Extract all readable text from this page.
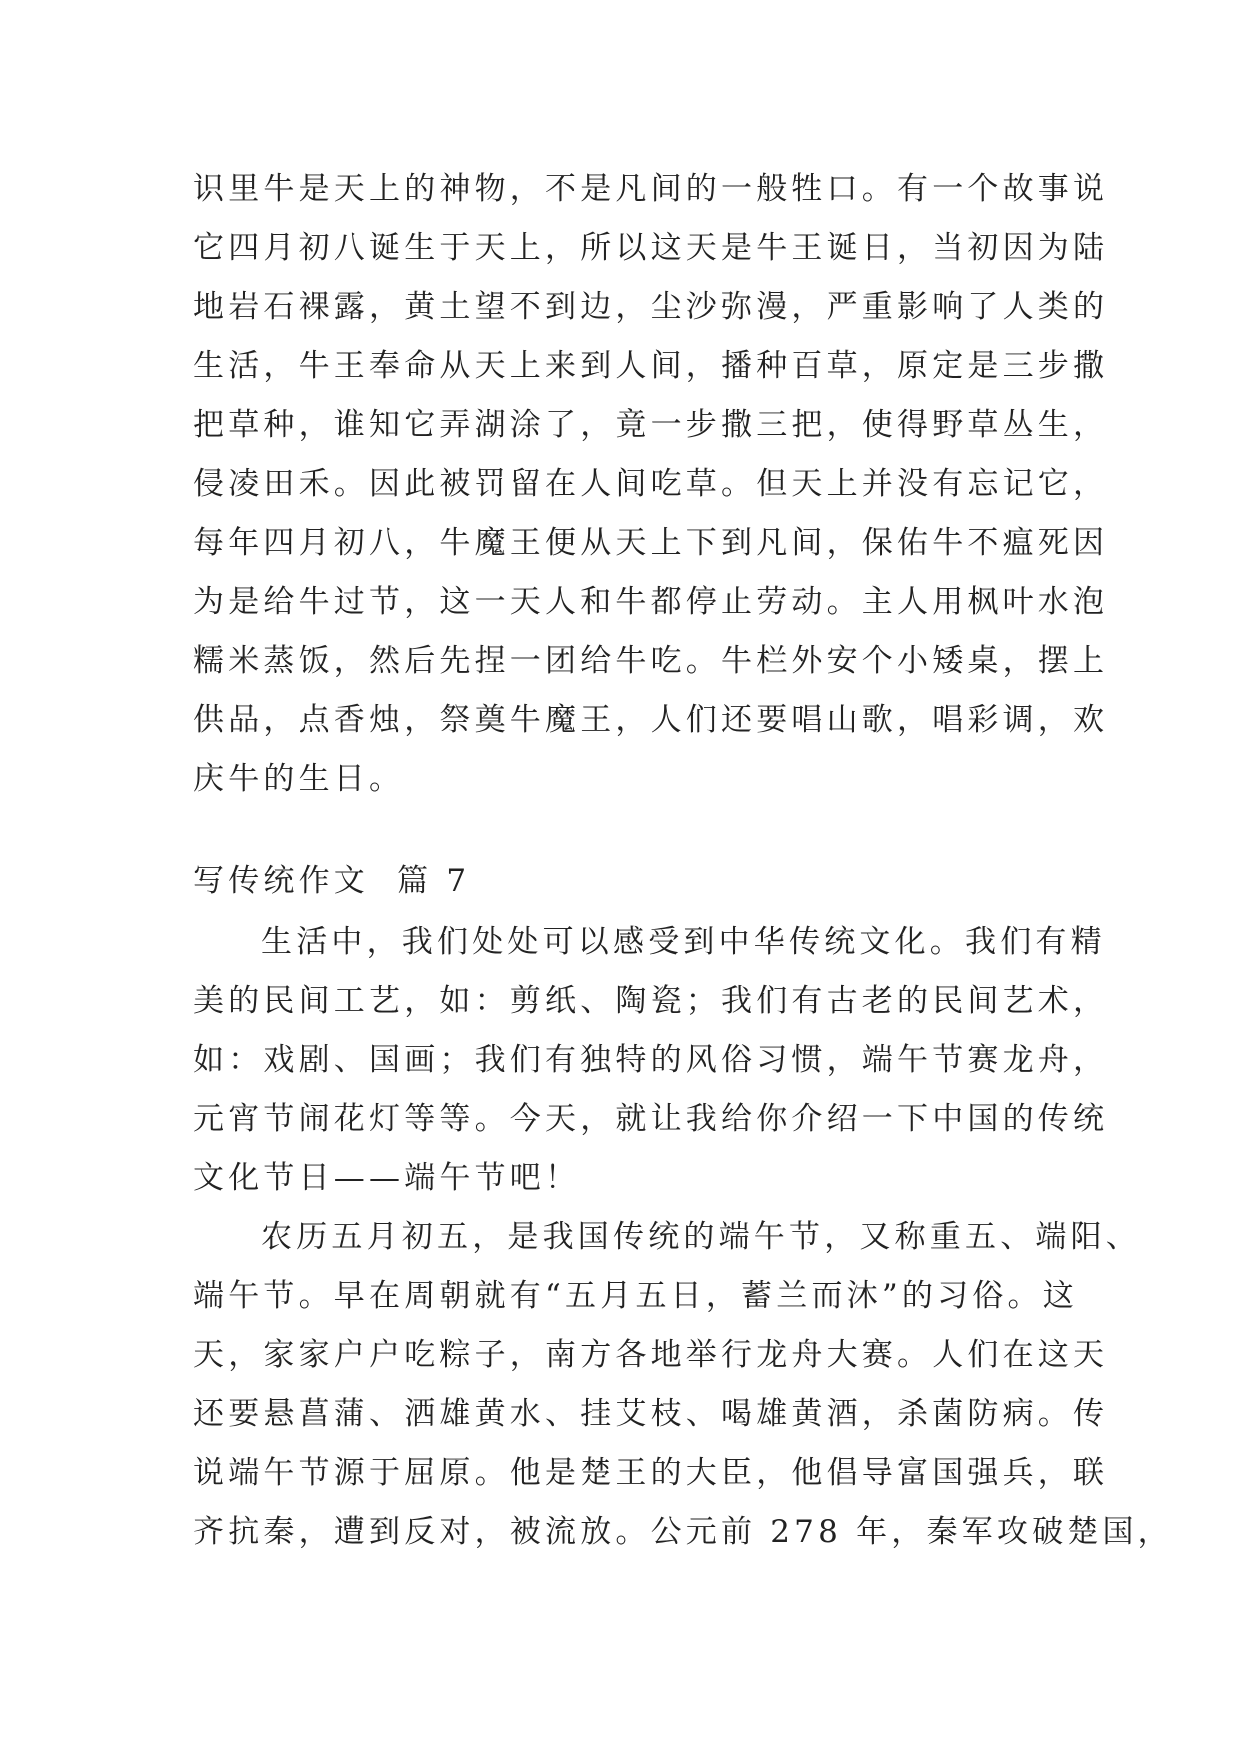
识里牛是天上的神物，不是凡间的一般牲口。有一个故事说
它四月初八诞生于天上，所以这天是牛王诞日，当初因为陆
地岩石裸露，黄土望不到边，尘沙弥漫，严重影响了人类的
生活，牛王奉命从天上来到人间，播种百草，原定是三步撒
把草种，谁知它弄湖涂了，竟一步撒三把，使得野草丛生，
侵凌田禾。因此被罚留在人间吃草。但天上并没有忘记它，
每年四月初八，牛魔王便从天上下到凡间，保佑牛不瘟死因
为是给牛过节，这一天人和牛都停止劳动。主人用枫叶水泡
糯米蒸饭，然后先捏一团给牛吃。牛栏外安个小矮桌，摆上
供品，点香烛，祭奠牛魔王，人们还要唱山歌，唱彩调，欢
庆牛的生日。
写传统作文  篇 7
生活中，我们处处可以感受到中华传统文化。我们有精
美的民间工艺，如：剪纸、陶瓷；我们有古老的民间艺术，
如：戏剧、国画；我们有独特的风俗习惯，端午节赛龙舟，
元宵节闹花灯等等。今天，就让我给你介绍一下中国的传统
文化节日——端午节吧！
农历五月初五，是我国传统的端午节，又称重五、端阳、
端午节。早在周朝就有“五月五日，蓄兰而沐”的习俗。这
天，家家户户吃粽子，南方各地举行龙舟大赛。人们在这天
还要悬菖蒲、洒雄黄水、挂艾枝、喝雄黄酒，杀菌防病。传
说端午节源于屈原。他是楚王的大臣，他倡导富国强兵，联
齐抗秦，遭到反对，被流放。公元前 278 年，秦军攻破楚国，
